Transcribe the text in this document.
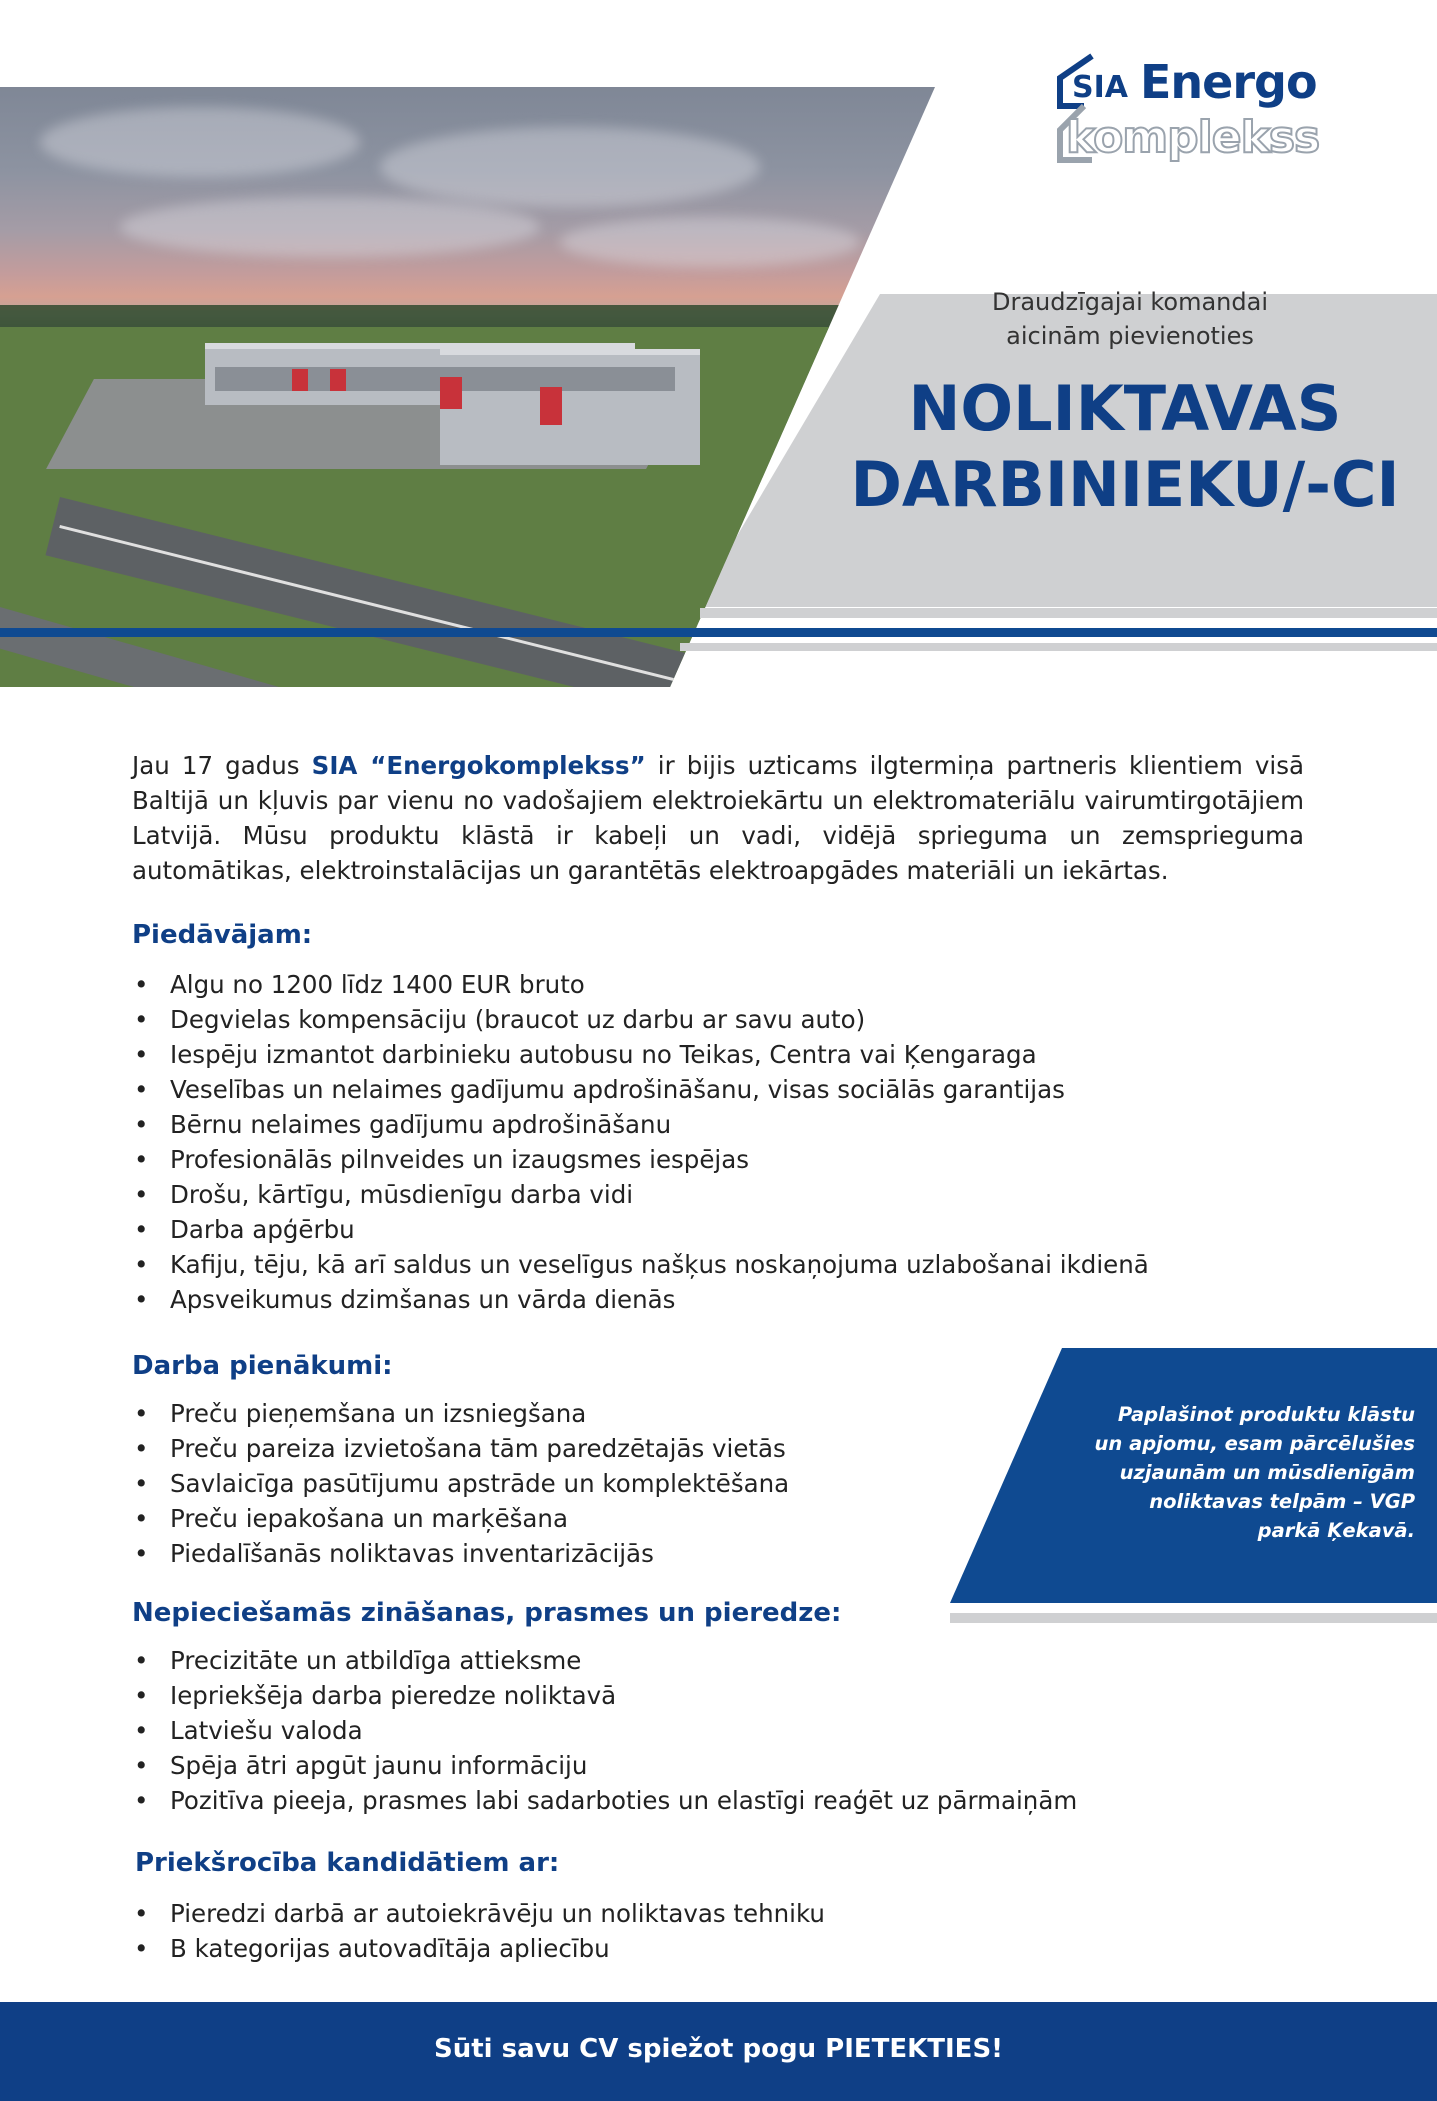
SIA Energo
komplekss
Draudzīgajai komandai
aicinām pievienoties
NOLIKTAVAS
DARBINIEKU/-CI

Jau 17 gadus SIA “Energokomplekss” ir bijis uzticams ilgtermiņa partneris klientiem visā Baltijā un kļuvis par vienu no vadošajiem elektroiekārtu un elektromateriālu vairumtirgotājiem Latvijā. Mūsu produktu klāstā ir kabeļi un vadi, vidējā sprieguma un zemsprieguma automātikas, elektroinstalācijas un garantētās elektroapgādes materiāli un iekārtas.

Piedāvājam:
• Algu no 1200 līdz 1400 EUR bruto
• Degvielas kompensāciju (braucot uz darbu ar savu auto)
• Iespēju izmantot darbinieku autobusu no Teikas, Centra vai Ķengaraga
• Veselības un nelaimes gadījumu apdrošināšanu, visas sociālās garantijas
• Bērnu nelaimes gadījumu apdrošināšanu
• Profesionālās pilnveides un izaugsmes iespējas
• Drošu, kārtīgu, mūsdienīgu darba vidi
• Darba apģērbu
• Kafiju, tēju, kā arī saldus un veselīgus našķus noskaņojuma uzlabošanai ikdienā
• Apsveikumus dzimšanas un vārda dienās
Darba pienākumi:
• Preču pieņemšana un izsniegšana
• Preču pareiza izvietošana tām paredzētajās vietās
• Savlaicīga pasūtījumu apstrāde un komplektēšana
• Preču iepakošana un marķēšana
• Piedalīšanās noliktavas inventarizācijās
Nepieciešamās zināšanas, prasmes un pieredze:
• Precizitāte un atbildīga attieksme
• Iepriekšēja darba pieredze noliktavā
• Latviešu valoda
• Spēja ātri apgūt jaunu informāciju
• Pozitīva pieeja, prasmes labi sadarboties un elastīgi reaģēt uz pārmaiņām
Priekšrocība kandidātiem ar:
• Pieredzi darbā ar autoiekrāvēju un noliktavas tehniku
• B kategorijas autovadītāja apliecību
Paplašinot produktu klāstu
un apjomu, esam pārcēlušies
uzjaunām un mūsdienīgām
noliktavas telpām – VGP
parkā Ķekavā.
Sūti savu CV spiežot pogu PIETEKTIES!
